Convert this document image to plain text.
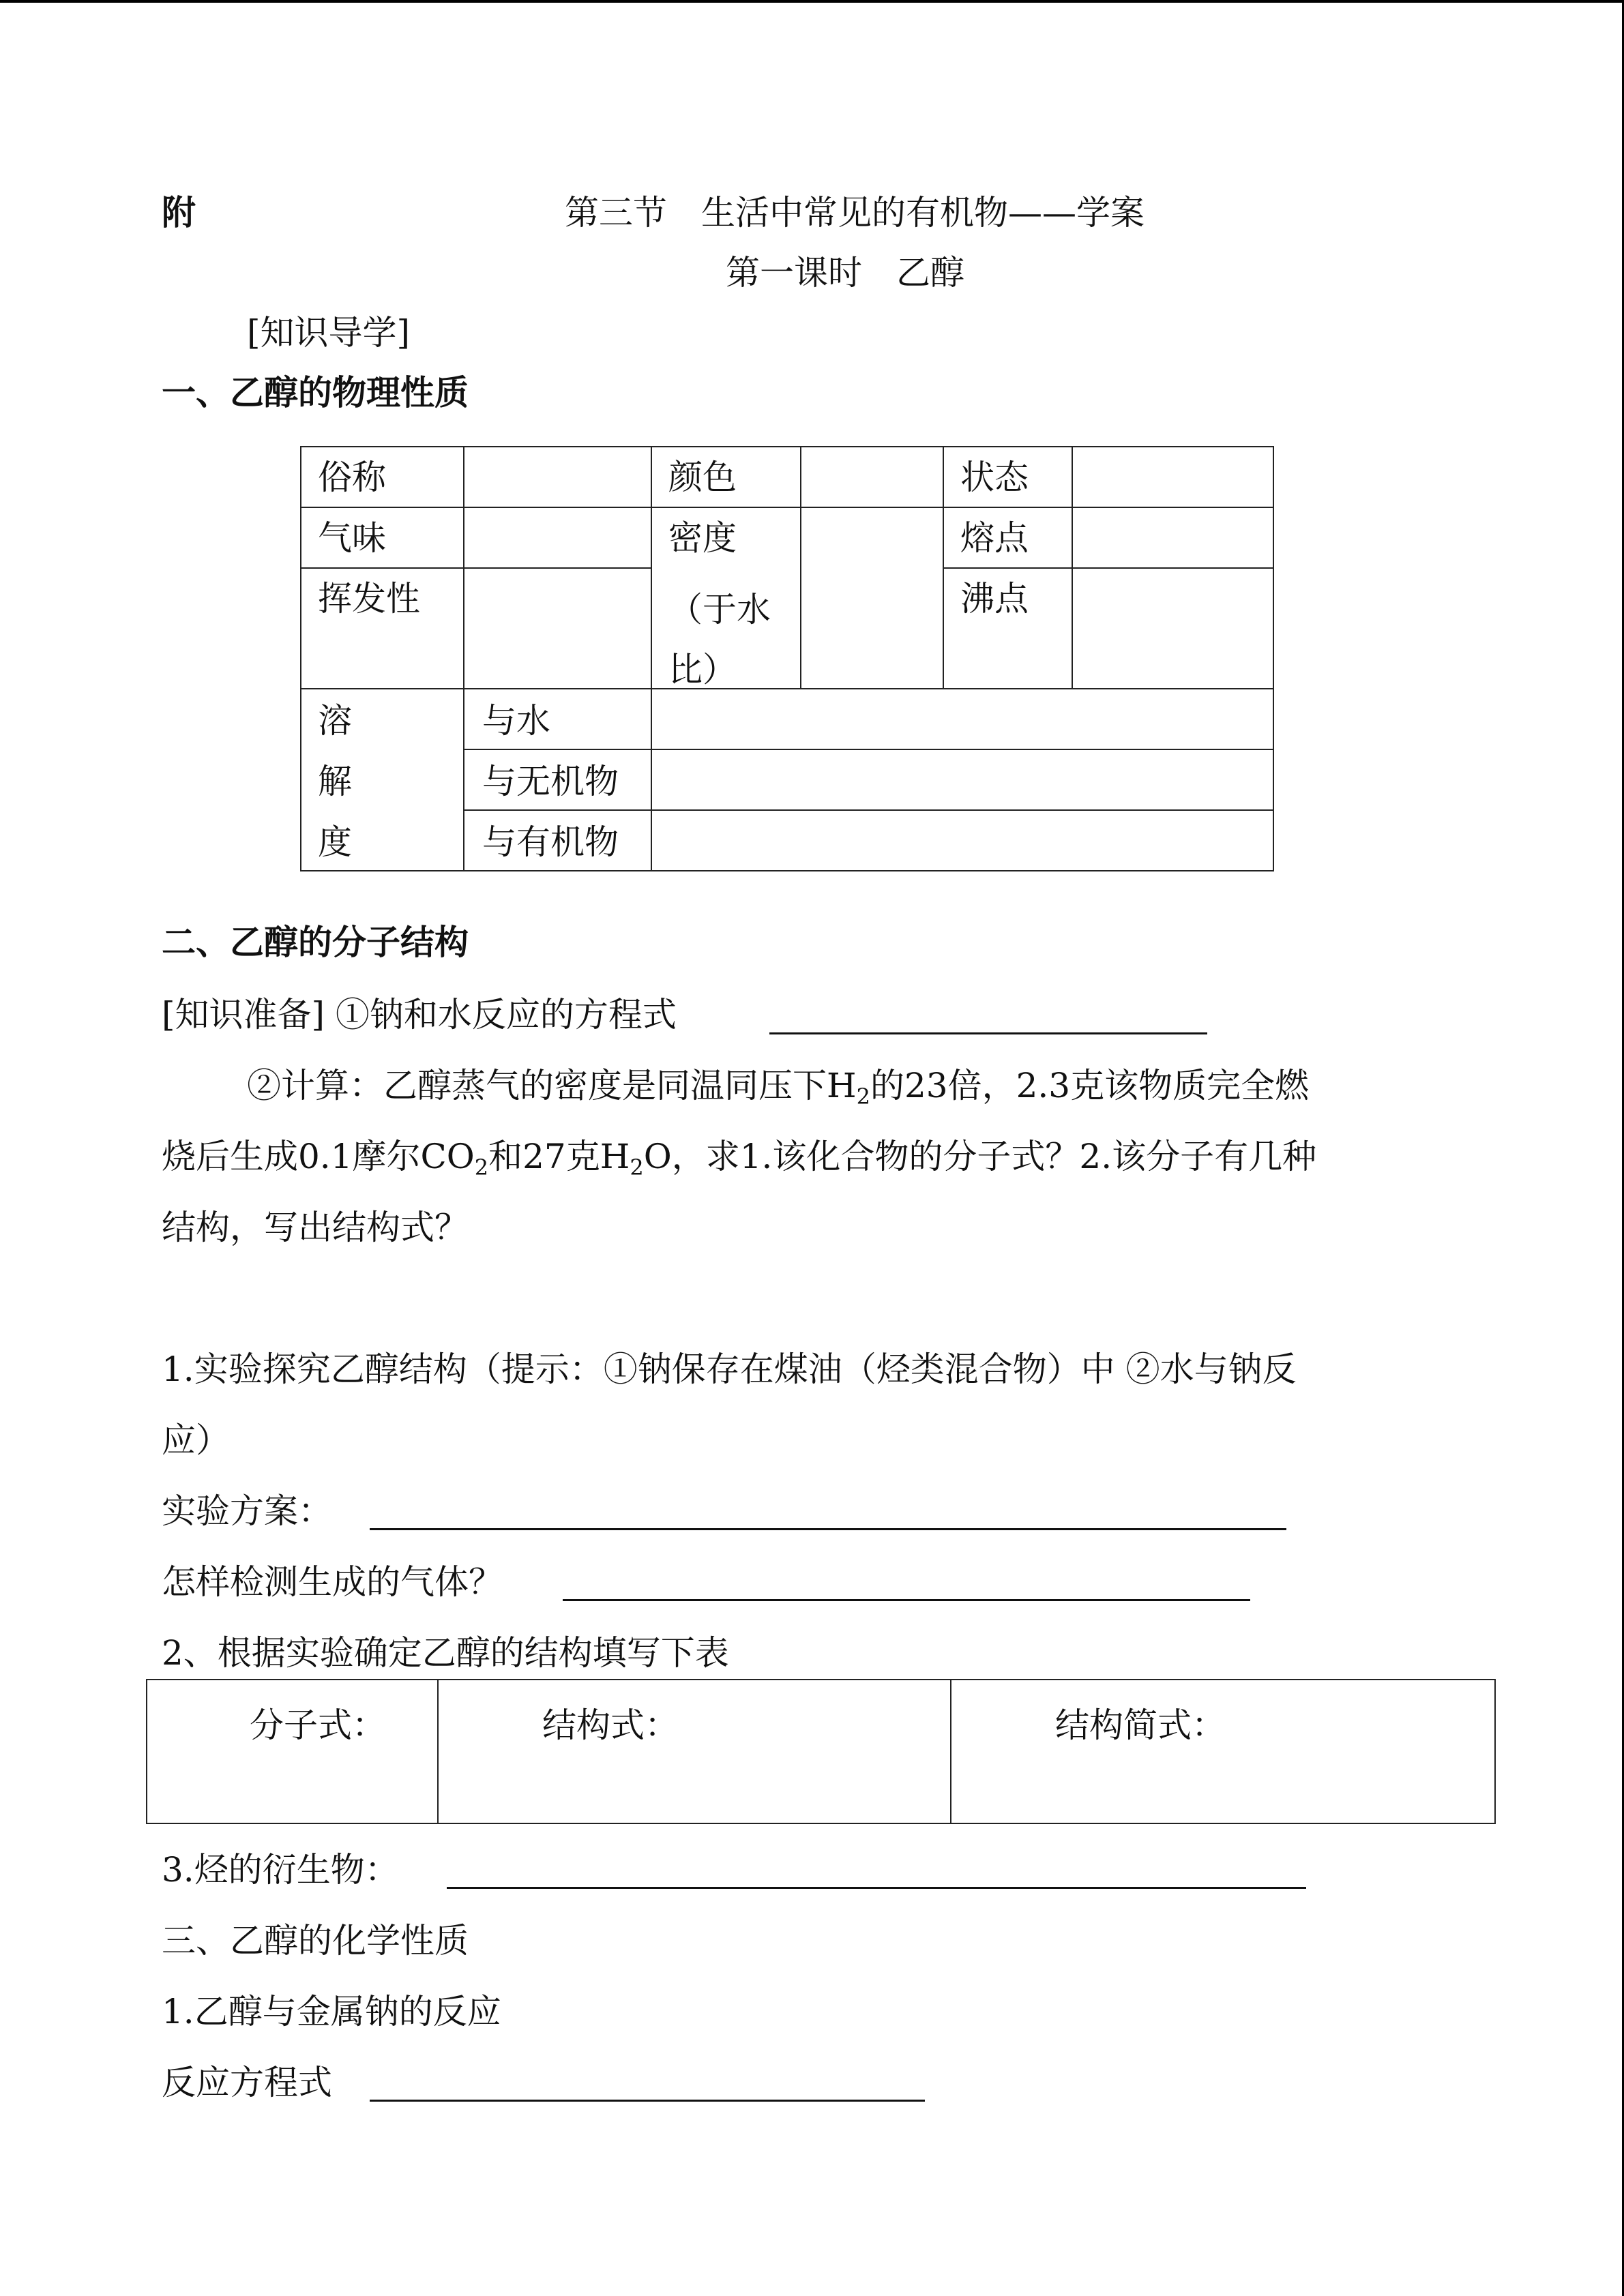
附	第三节　生活中常见的有机物——学案
第一课时　乙醇
[知识导学]
一、乙醇的物理性质
俗称		颜色		状态	

气味		密度
（于水
比）		熔点	

挥发性				沸点	

溶
解
度	与水				

	与无机物				

	与有机物				

二、乙醇的分子结构
[知识准备] ①钠和水反应的方程式
②计算：乙醇蒸气的密度是同温同压下$H_2$的23倍，2.3克该物质完全燃
烧后生成0.1摩尔$CO_2$和27克$H_2O$，求1.该化合物的分子式？2.该分子有几种
结构，写出结构式？
1.实验探究乙醇结构（提示：①钠保存在煤油（烃类混合物）中 ②水与钠反
应）
实验方案：
怎样检测生成的气体？
2、根据实验确定乙醇的结构填写下表
分子式：	结构式：	结构简式：
3.烃的衍生物：
三、乙醇的化学性质
1.乙醇与金属钠的反应
反应方程式
